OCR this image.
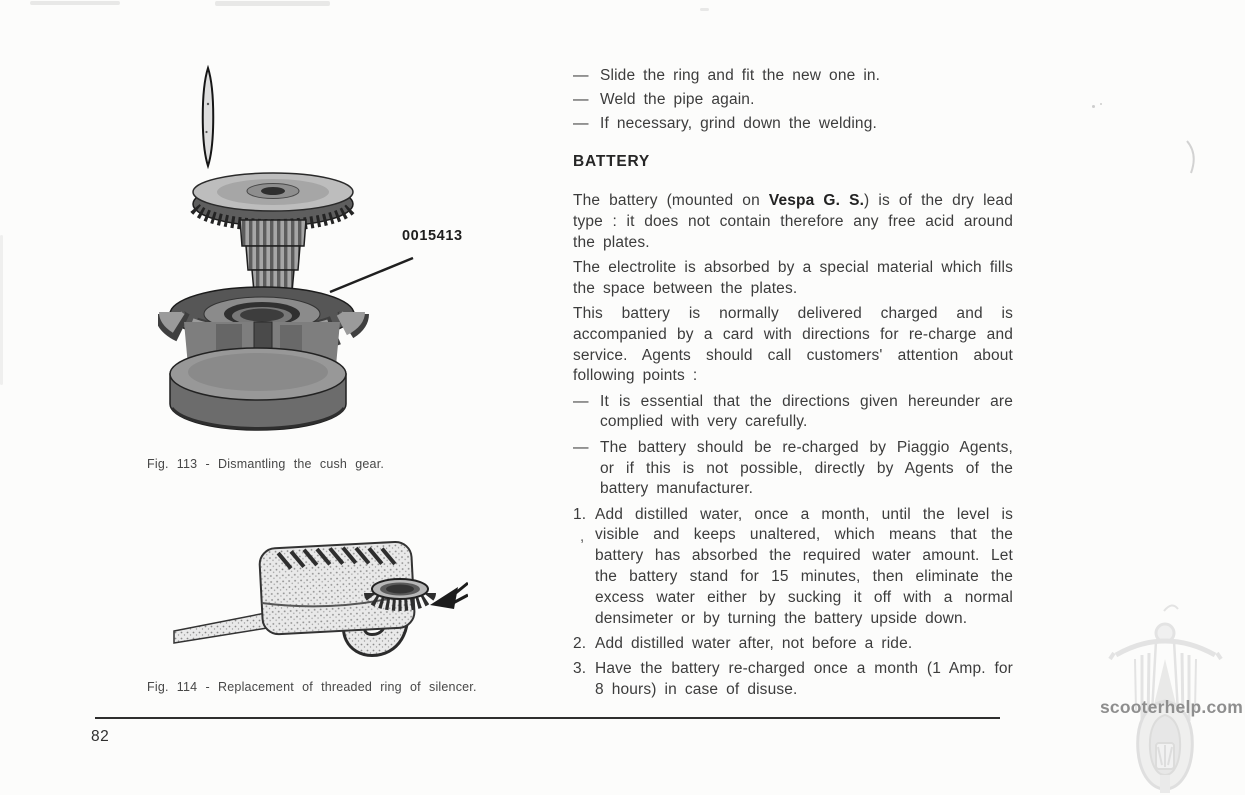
0015413
Fig. 113 - Dismantling the cush gear.
Fig. 114 - Replacement of threaded ring of silencer.
— Slide the ring and fit the new one in.
— Weld the pipe again.
— If necessary, grind down the welding.
BATTERY

The battery (mounted on Vespa G. S.) is of the dry lead type : it does not contain therefore any free acid around the plates.

The electrolite is absorbed by a special material which fills the space between the plates.

This battery is normally delivered charged and is accompanied by a card with directions for re-charge and service. Agents should call customers' attention about following points :

— It is essential that the directions given hereunder are complied with very carefully.
— The battery should be re-charged by Piaggio Agents, or if this is not possible, directly by Agents of the battery manufacturer.
1. Add distilled water, once a month, until the level is visible and keeps unaltered, which means that the battery has absorbed the required water amount. Let the battery stand for 15 minutes, then eliminate the excess water either by sucking it off with a normal densimeter or by turning the battery upside down.
2. Add distilled water after, not before a ride.
3. Have the battery re-charged once a month (1 Amp. for 8 hours) in case of disuse.
,
82
scooterhelp.com
